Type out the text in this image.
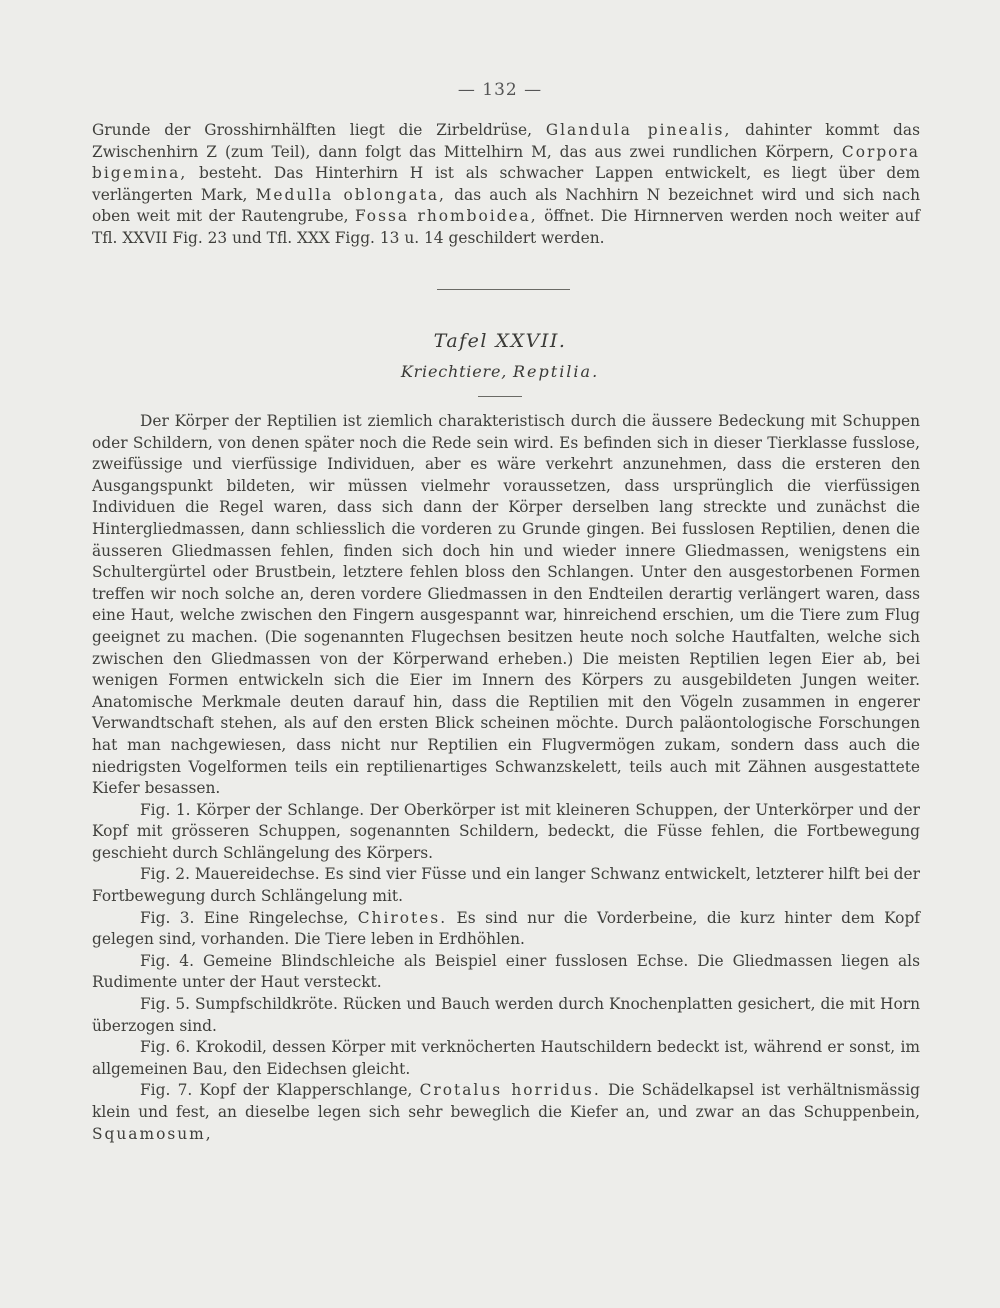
— 132 —

Grunde der Grosshirnhälften liegt die Zirbeldrüse, Glandula pinealis, dahinter kommt das Zwischenhirn Z (zum Teil), dann folgt das Mittelhirn M, das aus zwei rundlichen Körpern, Corpora bigemina, besteht. Das Hinterhirn H ist als schwacher Lappen entwickelt, es liegt über dem verlängerten Mark, Medulla oblongata, das auch als Nachhirn N bezeichnet wird und sich nach oben weit mit der Rautengrube, Fossa rhomboidea, öffnet. Die Hirnnerven werden noch weiter auf Tfl. XXVII Fig. 23 und Tfl. XXX Figg. 13 u. 14 geschildert werden.

Tafel XXVII.
Kriechtiere, Reptilia.

Der Körper der Reptilien ist ziemlich charakteristisch durch die äussere Bedeckung mit Schuppen oder Schildern, von denen später noch die Rede sein wird. Es befinden sich in dieser Tierklasse fusslose, zweifüssige und vierfüssige Individuen, aber es wäre verkehrt anzunehmen, dass die ersteren den Ausgangspunkt bildeten, wir müssen vielmehr voraussetzen, dass ursprünglich die vierfüssigen Individuen die Regel waren, dass sich dann der Körper derselben lang streckte und zunächst die Hintergliedmassen, dann schliesslich die vorderen zu Grunde gingen. Bei fusslosen Reptilien, denen die äusseren Gliedmassen fehlen, finden sich doch hin und wieder innere Gliedmassen, wenigstens ein Schultergürtel oder Brustbein, letztere fehlen bloss den Schlangen. Unter den ausgestorbenen Formen treffen wir noch solche an, deren vordere Gliedmassen in den Endteilen derartig verlängert waren, dass eine Haut, welche zwischen den Fingern ausgespannt war, hinreichend erschien, um die Tiere zum Flug geeignet zu machen. (Die sogenannten Flugechsen besitzen heute noch solche Hautfalten, welche sich zwischen den Gliedmassen von der Körperwand erheben.) Die meisten Reptilien legen Eier ab, bei wenigen Formen entwickeln sich die Eier im Innern des Körpers zu ausgebildeten Jungen weiter. Anatomische Merkmale deuten darauf hin, dass die Reptilien mit den Vögeln zusammen in engerer Verwandtschaft stehen, als auf den ersten Blick scheinen möchte. Durch paläontologische Forschungen hat man nachgewiesen, dass nicht nur Reptilien ein Flugvermögen zukam, sondern dass auch die niedrigsten Vogelformen teils ein reptilienartiges Schwanzskelett, teils auch mit Zähnen ausgestattete Kiefer besassen.

Fig. 1. Körper der Schlange. Der Oberkörper ist mit kleineren Schuppen, der Unterkörper und der Kopf mit grösseren Schuppen, sogenannten Schildern, bedeckt, die Füsse fehlen, die Fortbewegung geschieht durch Schlängelung des Körpers.

Fig. 2. Mauereidechse. Es sind vier Füsse und ein langer Schwanz entwickelt, letzterer hilft bei der Fortbewegung durch Schlängelung mit.

Fig. 3. Eine Ringelechse, Chirotes. Es sind nur die Vorderbeine, die kurz hinter dem Kopf gelegen sind, vorhanden. Die Tiere leben in Erdhöhlen.

Fig. 4. Gemeine Blindschleiche als Beispiel einer fusslosen Echse. Die Gliedmassen liegen als Rudimente unter der Haut versteckt.

Fig. 5. Sumpfschildkröte. Rücken und Bauch werden durch Knochenplatten gesichert, die mit Horn überzogen sind.

Fig. 6. Krokodil, dessen Körper mit verknöcherten Hautschildern bedeckt ist, während er sonst, im allgemeinen Bau, den Eidechsen gleicht.

Fig. 7. Kopf der Klapperschlange, Crotalus horridus. Die Schädelkapsel ist verhältnismässig klein und fest, an dieselbe legen sich sehr beweglich die Kiefer an, und zwar an das Schuppenbein, Squamosum,
